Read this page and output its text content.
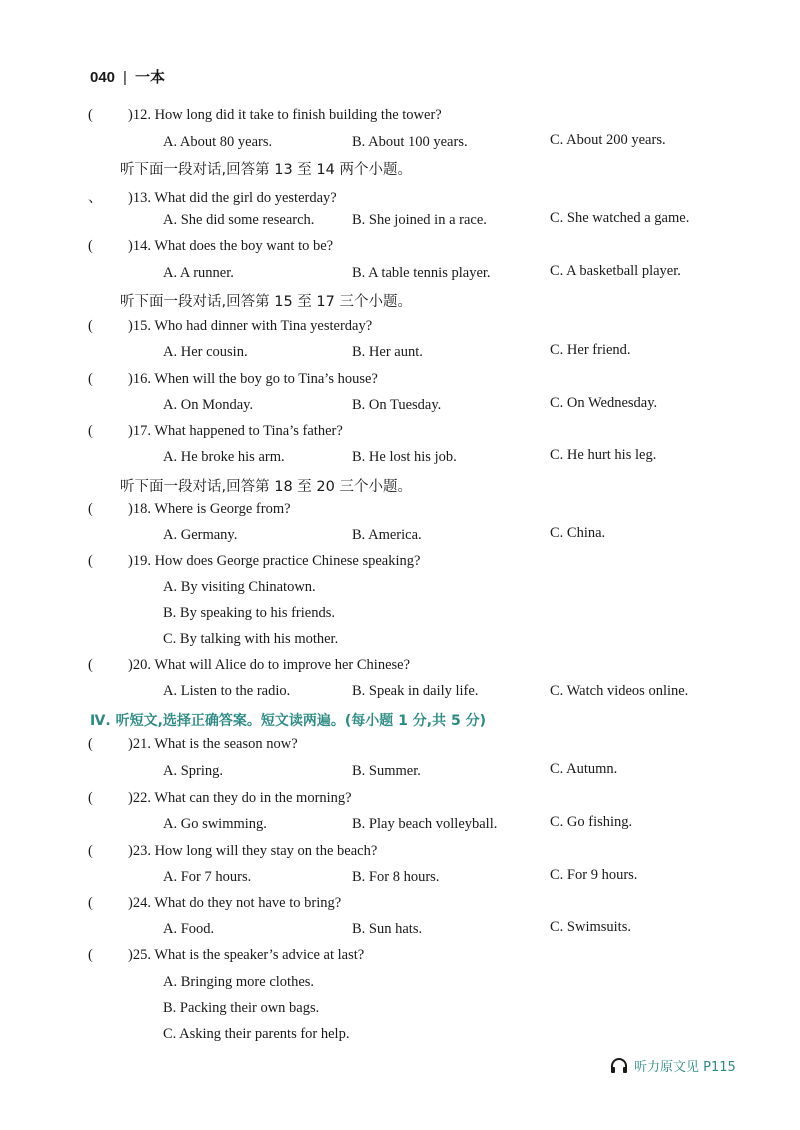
040 | 一本
( )12. How long did it take to finish building the tower?
A. About 80 years.	B. About 100 years.	C. About 200 years.
听下面一段对话,回答第 13 至 14 两个小题。
、 )13. What did the girl do yesterday?
A. She did some research.	B. She joined in a race.	C. She watched a game.
( )14. What does the boy want to be?
A. A runner.	B. A table tennis player.	C. A basketball player.
听下面一段对话,回答第 15 至 17 三个小题。
( )15. Who had dinner with Tina yesterday?
A. Her cousin.	B. Her aunt.	C. Her friend.
( )16. When will the boy go to Tina’s house?
A. On Monday.	B. On Tuesday.	C. On Wednesday.
( )17. What happened to Tina’s father?
A. He broke his arm.	B. He lost his job.	C. He hurt his leg.
听下面一段对话,回答第 18 至 20 三个小题。
( )18. Where is George from?
A. Germany.	B. America.	C. China.
( )19. How does George practice Chinese speaking?
A. By visiting Chinatown.
B. By speaking to his friends.
C. By talking with his mother.
( )20. What will Alice do to improve her Chinese?
A. Listen to the radio.	B. Speak in daily life.	C. Watch videos online.
Ⅳ. 听短文,选择正确答案。短文读两遍。(每小题 1 分,共 5 分)
( )21. What is the season now?
A. Spring.	B. Summer.	C. Autumn.
( )22. What can they do in the morning?
A. Go swimming.	B. Play beach volleyball.	C. Go fishing.
( )23. How long will they stay on the beach?
A. For 7 hours.	B. For 8 hours.	C. For 9 hours.
( )24. What do they not have to bring?
A. Food.	B. Sun hats.	C. Swimsuits.
( )25. What is the speaker’s advice at last?
A. Bringing more clothes.
B. Packing their own bags.
C. Asking their parents for help.
听力原文见 P115
